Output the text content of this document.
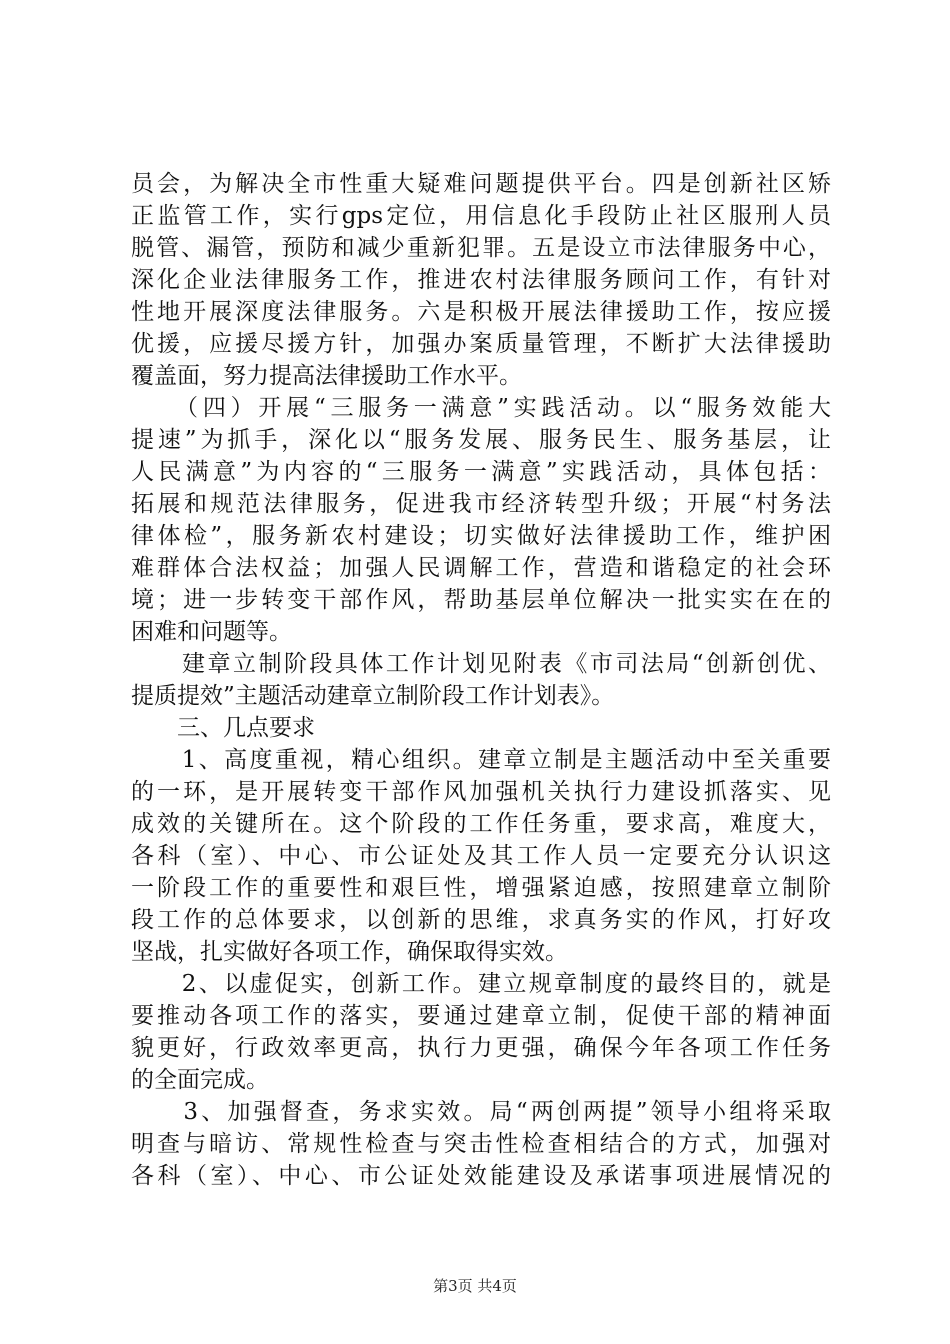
员会，为解决全市性重大疑难问题提供平台。四是创新社区矫
正监管工作，实行gps定位，用信息化手段防止社区服刑人员
脱管、漏管，预防和减少重新犯罪。五是设立市法律服务中心，
深化企业法律服务工作，推进农村法律服务顾问工作，有针对
性地开展深度法律服务。六是积极开展法律援助工作，按应援
优援，应援尽援方针，加强办案质量管理，不断扩大法律援助
覆盖面，努力提高法律援助工作水平。
　　（四）开展“三服务一满意”实践活动。以“服务效能大
提速”为抓手，深化以“服务发展、服务民生、服务基层，让
人民满意”为内容的“三服务一满意”实践活动，具体包括：
拓展和规范法律服务，促进我市经济转型升级；开展“村务法
律体检”，服务新农村建设；切实做好法律援助工作，维护困
难群体合法权益；加强人民调解工作，营造和谐稳定的社会环
境；进一步转变干部作风，帮助基层单位解决一批实实在在的
困难和问题等。
　　建章立制阶段具体工作计划见附表《市司法局“创新创优、
提质提效”主题活动建章立制阶段工作计划表》。
　　三、几点要求
　　1、高度重视，精心组织。建章立制是主题活动中至关重要
的一环，是开展转变干部作风加强机关执行力建设抓落实、见
成效的关键所在。这个阶段的工作任务重，要求高，难度大，
各科（室）、中心、市公证处及其工作人员一定要充分认识这
一阶段工作的重要性和艰巨性，增强紧迫感，按照建章立制阶
段工作的总体要求，以创新的思维，求真务实的作风，打好攻
坚战，扎实做好各项工作，确保取得实效。
　　2、以虚促实，创新工作。建立规章制度的最终目的，就是
要推动各项工作的落实，要通过建章立制，促使干部的精神面
貌更好，行政效率更高，执行力更强，确保今年各项工作任务
的全面完成。
　　3、加强督查，务求实效。局“两创两提”领导小组将采取
明查与暗访、常规性检查与突击性检查相结合的方式，加强对
各科（室）、中心、市公证处效能建设及承诺事项进展情况的
第3页 共4页
